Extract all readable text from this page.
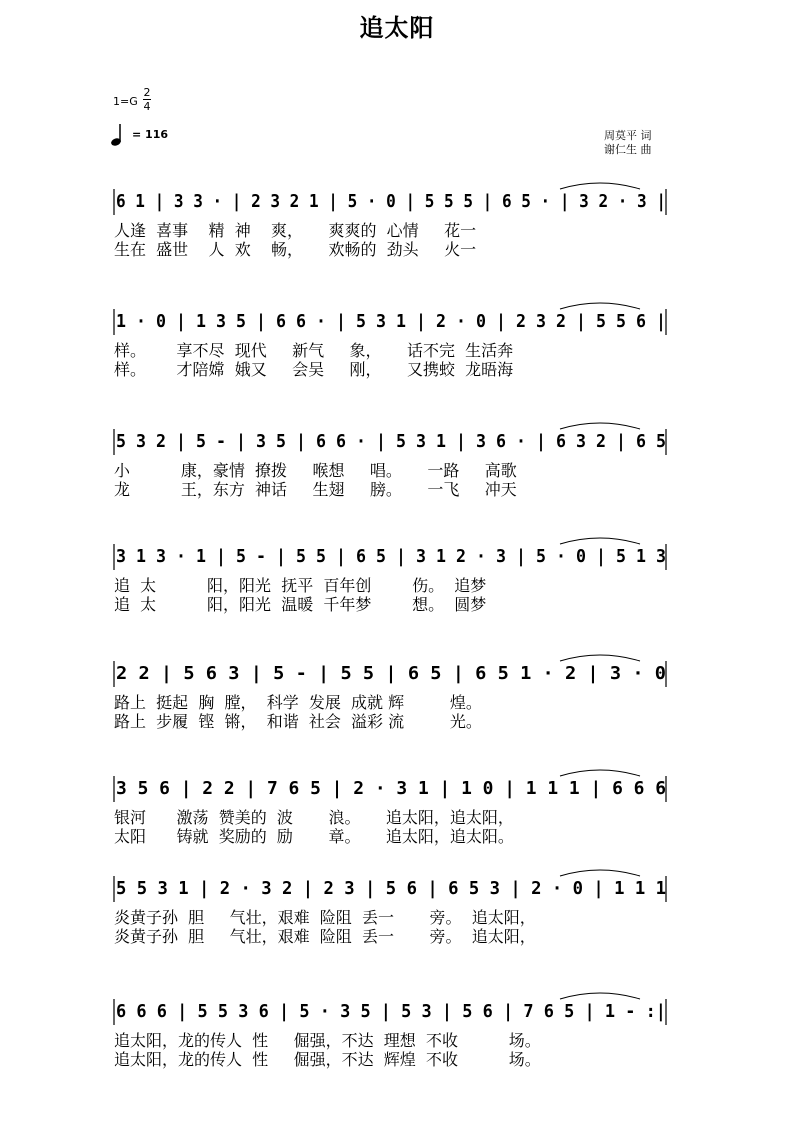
追太阳
1=G
2
4
= 116	周莫平 词
谢仁生 曲
6 1 | 3 3 · | 2 3 2 1 | 5 · 0 | 5 5 5 | 6 5 · | 3 2 · 3 |
人逢  喜事    精  神    爽，     爽爽的  心情     花一
生在  盛世    人  欢    畅，     欢畅的  劲头     火一
1 · 0 | 1 3 5 | 6 6 · | 5 3 1 | 2 · 0 | 2 3 2 | 5 5 6 |
样。      享不尽  现代     新气     象，     话不完  生活奔
样。      才陪嫦  娥又     会吴     刚，     又携蛟  龙晤海
5 3 2 | 5 - | 3 5 | 6 6 · | 5 3 1 | 3 6 · | 6 3 2 | 6 5
小          康，豪情  撩拨     喉想     唱。     一路     高歌
龙          王，东方  神话     生翅     膀。     一飞     冲天
3 1 3 · 1 | 5 - | 5 5 | 6 5 | 3 1 2 · 3 | 5 · 0 | 5 1 3
追  太          阳，阳光  抚平  百年创        伤。  追梦
追  太          阳，阳光  温暖  千年梦        想。  圆梦
2 2 | 5 6 3 | 5 - | 5 5 | 6 5 | 6 5 1 · 2 | 3 · 0
路上  挺起  胸  膛，  科学  发展  成就 辉         煌。
路上  步履  铿  锵，  和谐  社会  溢彩 流         光。
3 5 6 | 2 2 | 7 6 5 | 2 · 3 1 | 1 0 | 1 1 1 | 6 6 6
银河      激荡  赞美的  波       浪。     追太阳，追太阳，
太阳      铸就  奖励的  励       章。     追太阳，追太阳。
5 5 3 1 | 2 · 3 2 | 2 3 | 5 6 | 6 5 3 | 2 · 0 | 1 1 1
炎黄子孙  胆     气壮，艰难  险阻  丢一       旁。  追太阳，
炎黄子孙  胆     气壮，艰难  险阻  丢一       旁。  追太阳，
6 6 6 | 5 5 3 6 | 5 · 3 5 | 5 3 | 5 6 | 7 6 5 | 1 - :|
追太阳，龙的传人  性     倔强，不达  理想  不收          场。
追太阳，龙的传人  性     倔强，不达  辉煌  不收          场。
